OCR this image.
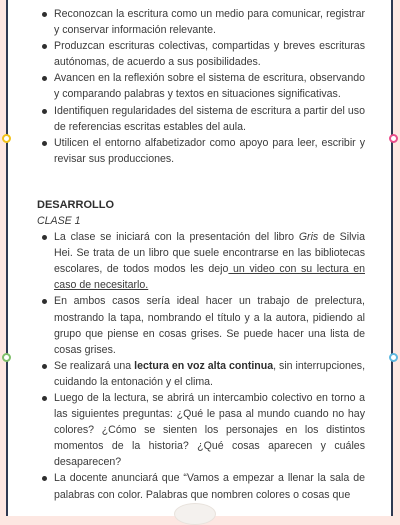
Reconozcan la escritura como un medio para comunicar, registrar y conservar información relevante.
Produzcan escrituras colectivas, compartidas y breves escrituras autónomas, de acuerdo a sus posibilidades.
Avancen en la reflexión sobre el sistema de escritura, observando y comparando palabras y textos en situaciones significativas.
Identifiquen regularidades del sistema de escritura a partir del uso de referencias escritas estables del aula.
Utilicen el entorno alfabetizador como apoyo para leer, escribir y revisar sus producciones.
DESARROLLO
CLASE 1
La clase se iniciará con la presentación del libro Gris de Silvia Hei. Se trata de un libro que suele encontrarse en las bibliotecas escolares, de todos modos les dejo un video con su lectura en caso de necesitarlo.
En ambos casos sería ideal hacer un trabajo de prelectura, mostrando la tapa, nombrando el título y a la autora, pidiendo al grupo que piense en cosas grises. Se puede hacer una lista de cosas grises.
Se realizará una lectura en voz alta continua, sin interrupciones, cuidando la entonación y el clima.
Luego de la lectura, se abrirá un intercambio colectivo en torno a las siguientes preguntas: ¿Qué le pasa al mundo cuando no hay colores? ¿Cómo se sienten los personajes en los distintos momentos de la historia? ¿Qué cosas aparecen y cuáles desaparecen?
La docente anunciará que “Vamos a empezar a llenar la sala de palabras con color. Palabras que nombren colores o cosas que
